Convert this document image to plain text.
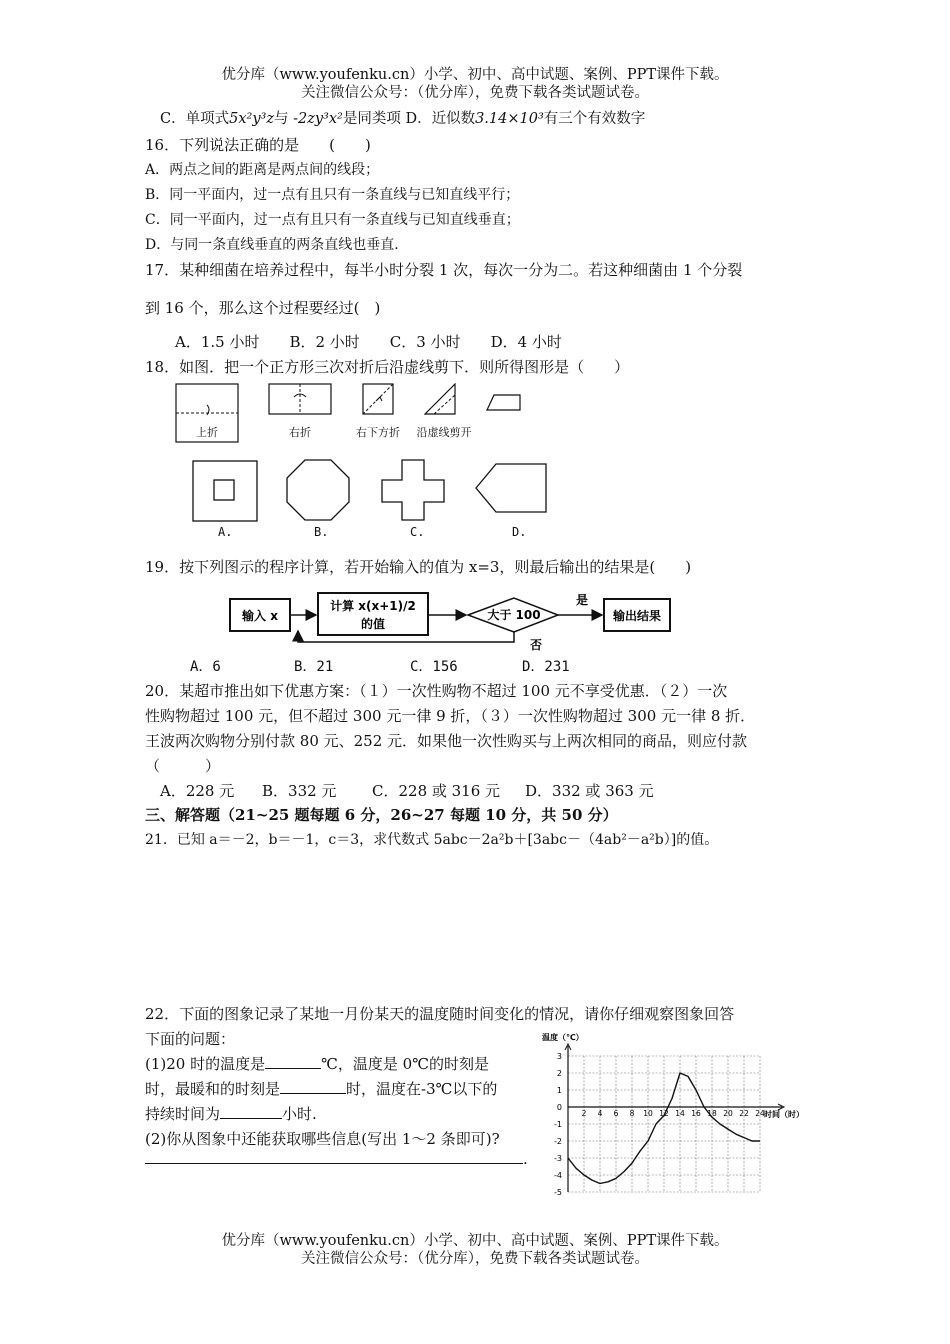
优分库（www.youfenku.cn）小学、初中、高中试题、案例、PPT课件下载。
关注微信公众号：（优分库），免费下载各类试题试卷。
C．单项式5x²y³z与 -2zy³x²是同类项 D．近似数3.14×10³有三个有效数字
16．下列说法正确的是　　(　　)
A．两点之间的距离是两点间的线段；
B．同一平面内，过一点有且只有一条直线与已知直线平行；
C．同一平面内，过一点有且只有一条直线与已知直线垂直；
D．与同一条直线垂直的两条直线也垂直.
17．某种细菌在培养过程中，每半小时分裂 1 次，每次一分为二。若这种细菌由 1 个分裂
到 16 个，那么这个过程要经过(　)
A．1.5 小时　　B．2 小时　　C．3 小时　　D．4 小时
18．如图．把一个正方形三次对折后沿虚线剪下．则所得图形是（　　）
上折	右折	右下方折	沿虚线剪开
A.	B.	C.	D.
19．按下列图示的程序计算，若开始输入的值为 x=3，则最后输出的结果是(　　)
输入 x
计算 x(x+1)/2
的值
大于 100
是
输出结果
否
A．6	B．21	C．156	D．231
20．某超市推出如下优惠方案：（１）一次性购物不超过 100 元不享受优惠．（２）一次
性购物超过 100 元，但不超过 300 元一律 9 折，（３）一次性购物超过 300 元一律 8 折．
王波两次购物分别付款 80 元、252 元．如果他一次性购买与上两次相同的商品，则应付款
（　　　）
A．228 元 B．332 元 C．228 或 316 元 D．332 或 363 元
三、解答题（21~25 题每题 6 分，26~27 每题 10 分，共 50 分）
21．已知 a＝－2，b＝－1，c＝3，求代数式 5abc－2a²b＋[3abc－（4ab²－a²b）]的值。
22．下面的图象记录了某地一月份某天的温度随时间变化的情况，请你仔细观察图象回答
下面的问题：
(1)20 时的温度是	℃，温度是 0℃的时刻是
时，最暖和的时刻是	时，温度在-3℃以下的
持续时间为	小时.
(2)你从图象中还能获取哪些信息(写出 1～2 条即可)?
.
3
2
1
0
-1
-2
-3
-4
-5
2 4 6 8 10 12 14 16 18 20 22 24
温度（℃）
时间（时）
优分库（www.youfenku.cn）小学、初中、高中试题、案例、PPT课件下载。
关注微信公众号：（优分库），免费下载各类试题试卷。
